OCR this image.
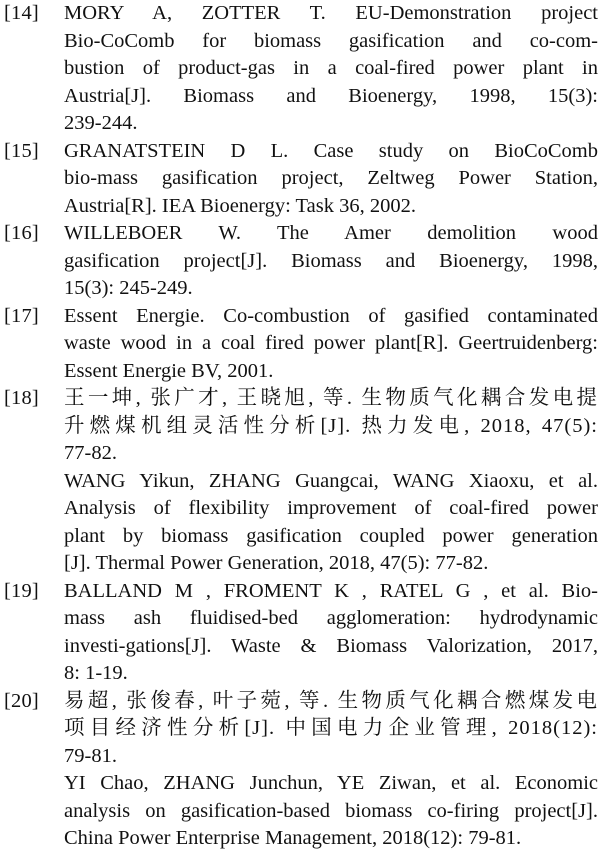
[14]	MORY A, ZOTTER T. EU-Demonstration project
Bio-CoComb for biomass gasification and co-com-
bustion of product-gas in a coal-fired power plant in
Austria[J]. Biomass and Bioenergy, 1998, 15(3):
239-244.
[15]	GRANATSTEIN D L. Case study on BioCoComb
bio-mass gasification project, Zeltweg Power Station,
Austria[R]. IEA Bioenergy: Task 36, 2002.
[16]	WILLEBOER W. The Amer demolition wood
gasification project[J]. Biomass and Bioenergy, 1998,
15(3): 245-249.
[17]	Essent Energie. Co-combustion of gasified contaminated
waste wood in a coal fired power plant[R]. Geertruidenberg:
Essent Energie BV, 2001.
[18]	王一坤, 张广才, 王晓旭, 等. 生物质气化耦合发电提
升燃煤机组灵活性分析[J]. 热力发电, 2018, 47(5):
77-82.
WANG Yikun, ZHANG Guangcai, WANG Xiaoxu, et al.
Analysis of flexibility improvement of coal-fired power
plant by biomass gasification coupled power generation
[J]. Thermal Power Generation, 2018, 47(5): 77-82.
[19]	BALLAND M , FROMENT K , RATEL G , et al. Bio-
mass ash fluidised-bed agglomeration: hydrodynamic
investi-gations[J]. Waste & Biomass Valorization, 2017,
8: 1-19.
[20]	易超, 张俊春, 叶子菀, 等. 生物质气化耦合燃煤发电
项目经济性分析[J]. 中国电力企业管理, 2018(12):
79-81.
YI Chao, ZHANG Junchun, YE Ziwan, et al. Economic
analysis on gasification-based biomass co-firing project[J].
China Power Enterprise Management, 2018(12): 79-81.
